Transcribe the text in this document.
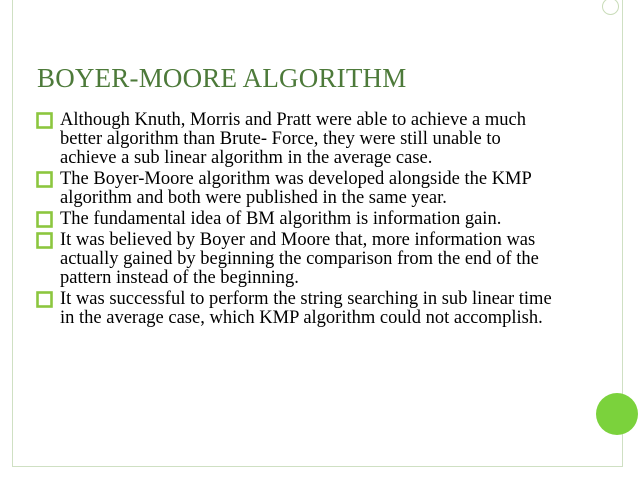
BOYER-MOORE ALGORITHM
Although Knuth, Morris and Pratt were able to achieve a much better algorithm than Brute- Force, they were still unable to achieve a sub linear algorithm in the average case.
The Boyer-Moore algorithm was developed alongside the KMP algorithm and both were published in the same year.
The fundamental idea of BM algorithm is information gain.
It was believed by Boyer and Moore that, more information was actually gained by beginning the comparison from the end of the pattern instead of the beginning.
It was successful to perform the string searching in sub linear time in the average case, which KMP algorithm could not accomplish.
